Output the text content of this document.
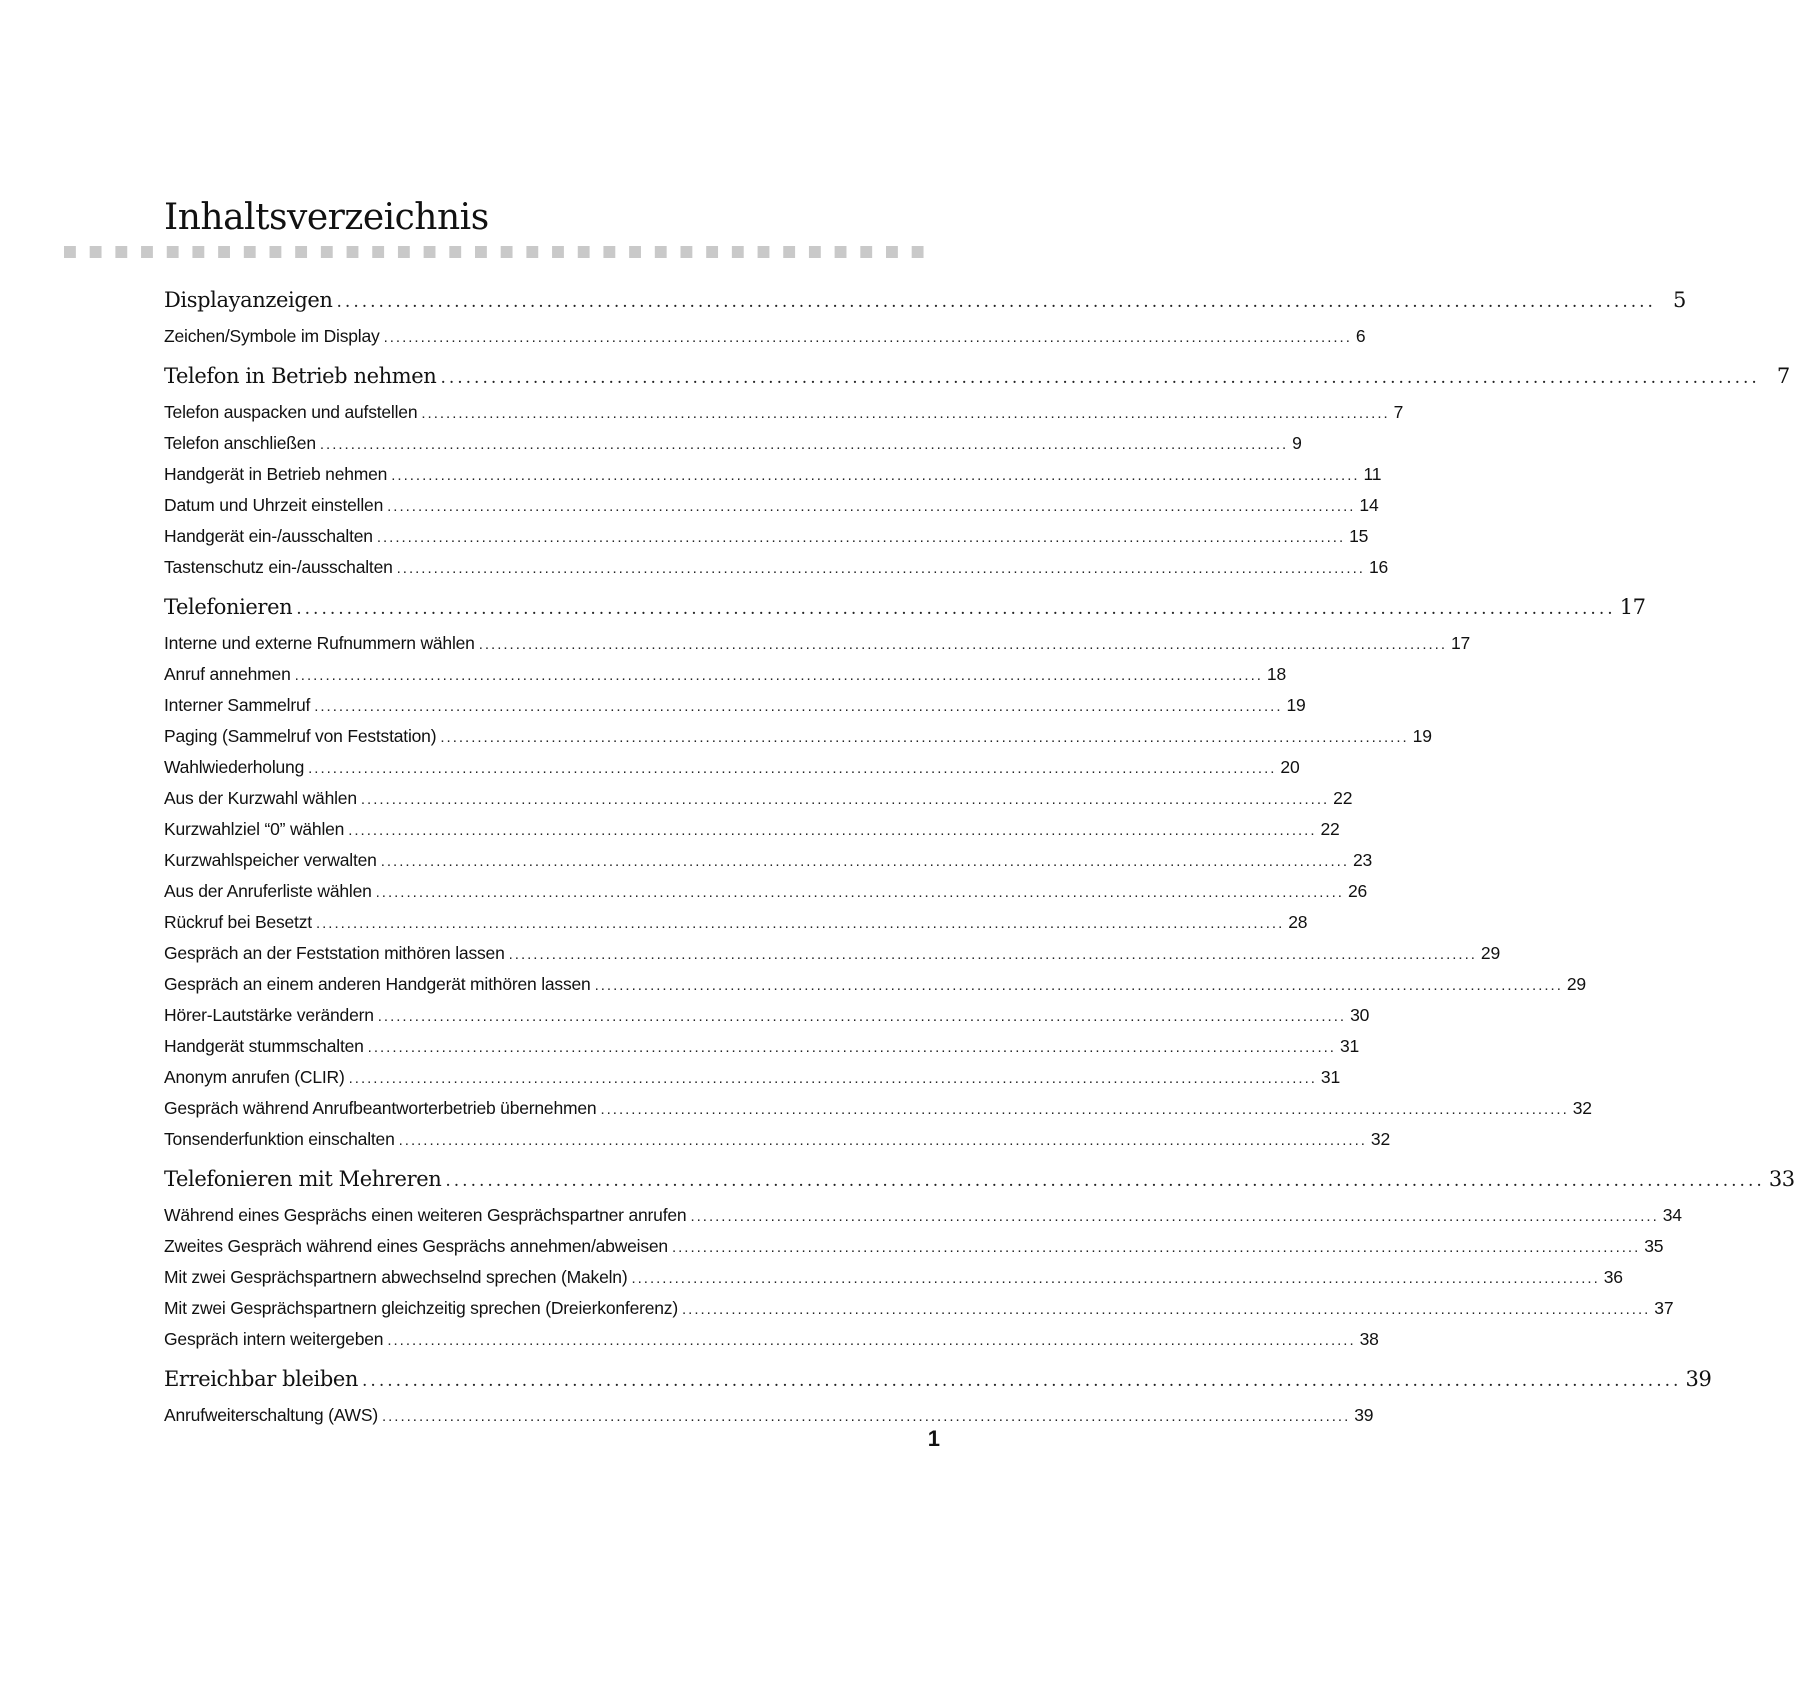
Inhaltsverzeichnis
Displayanzeigen ............................................................................................................................................................. 5
Zeichen/Symbole im Display ............................................................................................................................................................. 6
Telefon in Betrieb nehmen ............................................................................................................................................................. 7
Telefon auspacken und aufstellen ............................................................................................................................................................. 7
Telefon anschließen ............................................................................................................................................................. 9
Handgerät in Betrieb nehmen ............................................................................................................................................................. 11
Datum und Uhrzeit einstellen ............................................................................................................................................................. 14
Handgerät ein-/ausschalten ............................................................................................................................................................. 15
Tastenschutz ein-/ausschalten ............................................................................................................................................................. 16
Telefonieren ............................................................................................................................................................. 17
Interne und externe Rufnummern wählen ............................................................................................................................................................. 17
Anruf annehmen ............................................................................................................................................................. 18
Interner Sammelruf ............................................................................................................................................................. 19
Paging (Sammelruf von Feststation) ............................................................................................................................................................. 19
Wahlwiederholung ............................................................................................................................................................. 20
Aus der Kurzwahl wählen ............................................................................................................................................................. 22
Kurzwahlziel “0” wählen ............................................................................................................................................................. 22
Kurzwahlspeicher verwalten ............................................................................................................................................................. 23
Aus der Anruferliste wählen ............................................................................................................................................................. 26
Rückruf bei Besetzt ............................................................................................................................................................. 28
Gespräch an der Feststation mithören lassen ............................................................................................................................................................. 29
Gespräch an einem anderen Handgerät mithören lassen ............................................................................................................................................................. 29
Hörer-Lautstärke verändern ............................................................................................................................................................. 30
Handgerät stummschalten ............................................................................................................................................................. 31
Anonym anrufen (CLIR) ............................................................................................................................................................. 31
Gespräch während Anrufbeantworterbetrieb übernehmen ............................................................................................................................................................. 32
Tonsenderfunktion einschalten ............................................................................................................................................................. 32
Telefonieren mit Mehreren ............................................................................................................................................................. 33
Während eines Gesprächs einen weiteren Gesprächspartner anrufen ............................................................................................................................................................. 34
Zweites Gespräch während eines Gesprächs annehmen/abweisen ............................................................................................................................................................. 35
Mit zwei Gesprächspartnern abwechselnd sprechen (Makeln) ............................................................................................................................................................. 36
Mit zwei Gesprächspartnern gleichzeitig sprechen (Dreierkonferenz) ............................................................................................................................................................. 37
Gespräch intern weitergeben ............................................................................................................................................................. 38
Erreichbar bleiben ............................................................................................................................................................. 39
Anrufweiterschaltung (AWS) ............................................................................................................................................................. 39
1
